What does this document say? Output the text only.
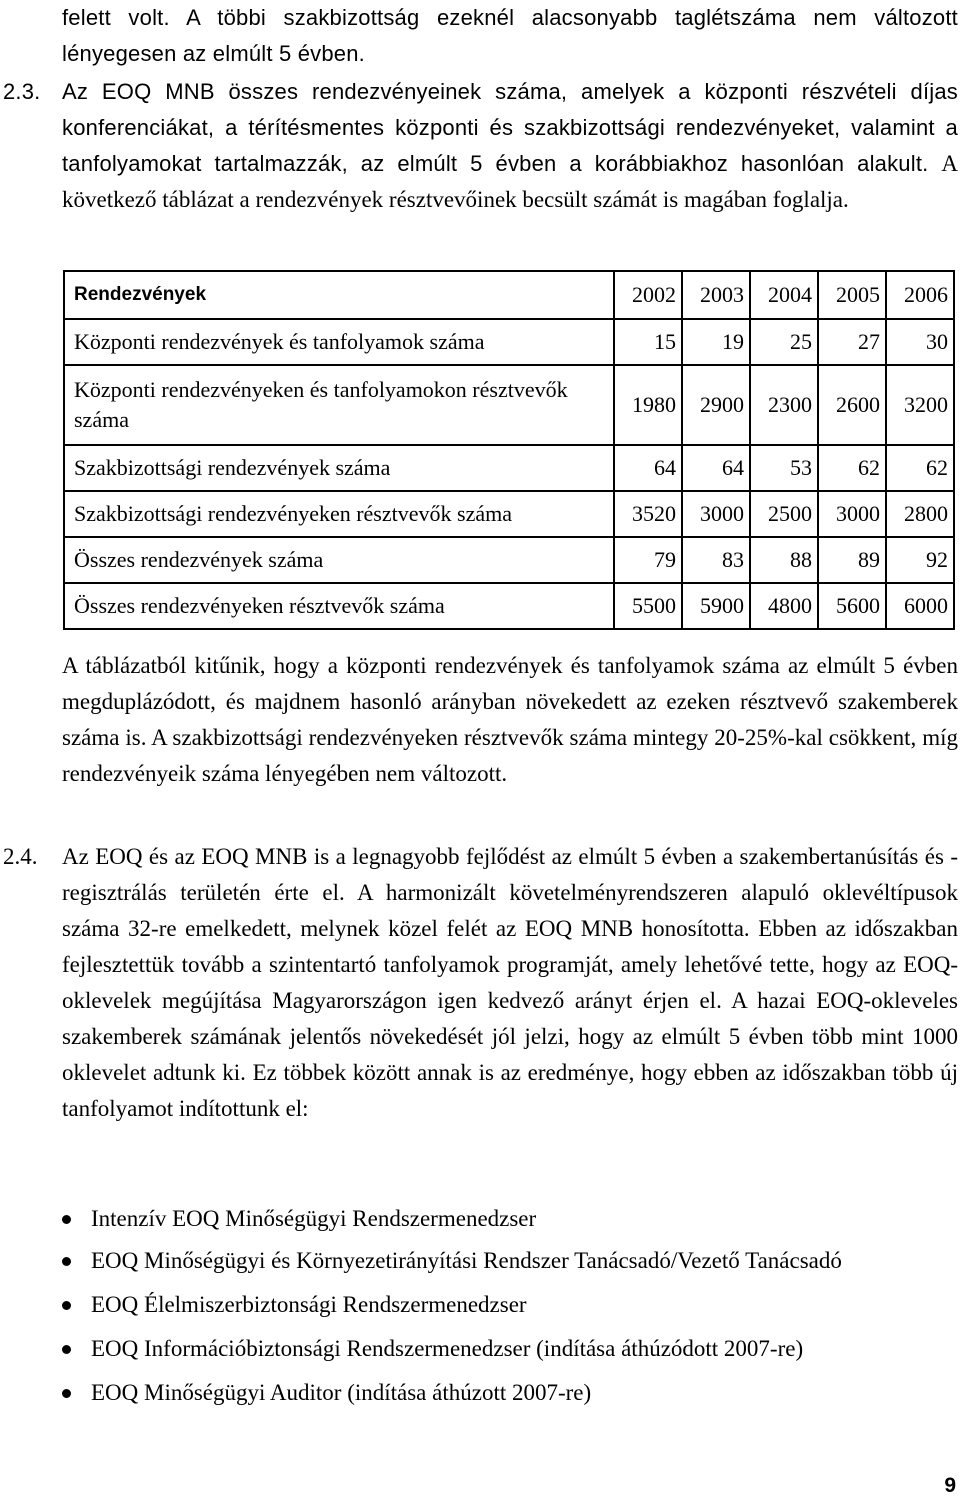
felett volt. A többi szakbizottság ezeknél alacsonyabb taglétszáma nem változott lényegesen az elmúlt 5 évben.

2.3. Az EOQ MNB összes rendezvényeinek száma, amelyek a központi részvételi díjas konferenciákat, a térítésmentes központi és szakbizottsági rendezvényeket, valamint a tanfolyamokat tartalmazzák, az elmúlt 5 évben a korábbiakhoz hasonlóan alakult. A következő táblázat a rendezvények résztvevőinek becsült számát is magában foglalja.

Rendezvények	2002	2003	2004	2005	2006
Központi rendezvények és tanfolyamok száma	15	19	25	27	30
Központi rendezvényeken és tanfolyamokon résztvevők száma	1980	2900	2300	2600	3200
Szakbizottsági rendezvények száma	64	64	53	62	62
Szakbizottsági rendezvényeken résztvevők száma	3520	3000	2500	3000	2800
Összes rendezvények száma	79	83	88	89	92
Összes rendezvényeken résztvevők száma	5500	5900	4800	5600	6000

A táblázatból kitűnik, hogy a központi rendezvények és tanfolyamok száma az elmúlt 5 évben megduplázódott, és majdnem hasonló arányban növekedett az ezeken résztvevő szakemberek száma is. A szakbizottsági rendezvényeken résztvevők száma mintegy 20-25%-kal csökkent, míg rendezvényeik száma lényegében nem változott.

2.4. Az EOQ és az EOQ MNB is a legnagyobb fejlődést az elmúlt 5 évben a szakembertanúsítás és -regisztrálás területén érte el. A harmonizált követelményrendszeren alapuló oklevéltípusok száma 32-re emelkedett, melynek közel felét az EOQ MNB honosította. Ebben az időszakban fejlesztettük tovább a szintentartó tanfolyamok programját, amely lehetővé tette, hogy az EOQ-oklevelek megújítása Magyarországon igen kedvező arányt érjen el. A hazai EOQ-okleveles szakemberek számának jelentős növekedését jól jelzi, hogy az elmúlt 5 évben több mint 1000 oklevelet adtunk ki. Ez többek között annak is az eredménye, hogy ebben az időszakban több új tanfolyamot indítottunk el:

Intenzív EOQ Minőségügyi Rendszermenedzser
EOQ Minőségügyi és Környezetirányítási Rendszer Tanácsadó/Vezető Tanácsadó
EOQ Élelmiszerbiztonsági Rendszermenedzser
EOQ Információbiztonsági Rendszermenedzser (indítása áthúzódott 2007-re)
EOQ Minőségügyi Auditor (indítása áthúzott 2007-re)
9
